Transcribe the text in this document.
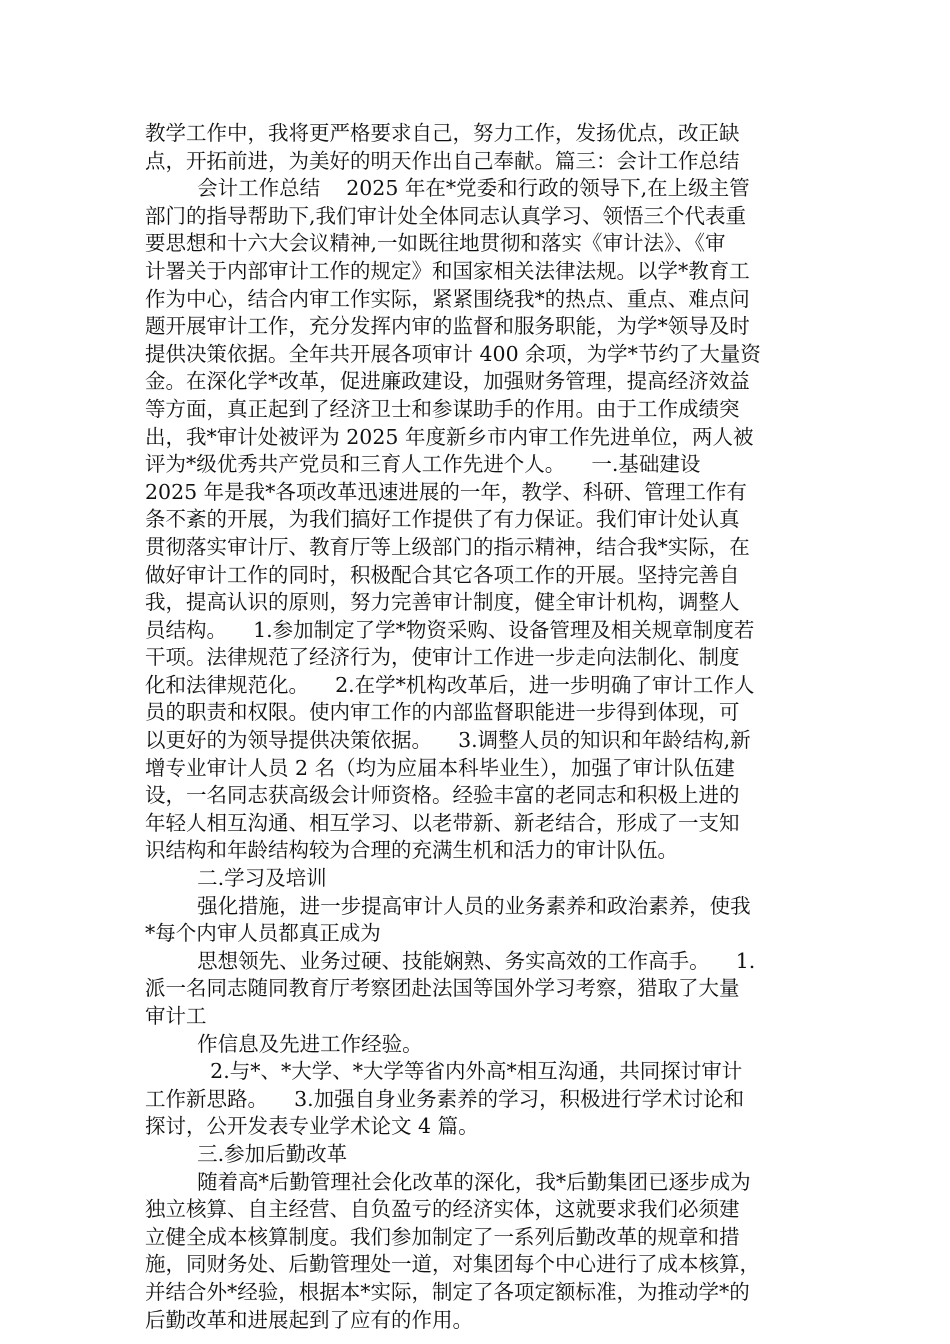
教学工作中，我将更严格要求自己，努力工作，发扬优点，改正缺
点，开拓前进，为美好的明天作出自己奉献。篇三：会计工作总结
会计工作总结    2025 年在*党委和行政的领导下,在上级主管
部门的指导帮助下,我们审计处全体同志认真学习、领悟三个代表重
要思想和十六大会议精神,一如既往地贯彻和落实《审计法》、《审
计署关于内部审计工作的规定》和国家相关法律法规。以学*教育工
作为中心，结合内审工作实际，紧紧围绕我*的热点、重点、难点问
题开展审计工作，充分发挥内审的监督和服务职能，为学*领导及时
提供决策依据。全年共开展各项审计 400 余项，为学*节约了大量资
金。在深化学*改革，促进廉政建设，加强财务管理，提高经济效益
等方面，真正起到了经济卫士和参谋助手的作用。由于工作成绩突
出，我*审计处被评为 2025 年度新乡市内审工作先进单位，两人被
评为*级优秀共产党员和三育人工作先进个人。    一.基础建设
2025 年是我*各项改革迅速进展的一年，教学、科研、管理工作有
条不紊的开展，为我们搞好工作提供了有力保证。我们审计处认真
贯彻落实审计厅、教育厅等上级部门的指示精神，结合我*实际，在
做好审计工作的同时，积极配合其它各项工作的开展。坚持完善自
我，提高认识的原则，努力完善审计制度，健全审计机构，调整人
员结构。    1.参加制定了学*物资采购、设备管理及相关规章制度若
干项。法律规范了经济行为，使审计工作进一步走向法制化、制度
化和法律规范化。    2.在学*机构改革后，进一步明确了审计工作人
员的职责和权限。使内审工作的内部监督职能进一步得到体现，可
以更好的为领导提供决策依据。    3.调整人员的知识和年龄结构,新
增专业审计人员 2 名（均为应届本科毕业生），加强了审计队伍建
设，一名同志获高级会计师资格。经验丰富的老同志和积极上进的
年轻人相互沟通、相互学习、以老带新、新老结合，形成了一支知
识结构和年龄结构较为合理的充满生机和活力的审计队伍。
二.学习及培训
强化措施，进一步提高审计人员的业务素养和政治素养，使我
*每个内审人员都真正成为
思想领先、业务过硬、技能娴熟、务实高效的工作高手。    1.
派一名同志随同教育厅考察团赴法国等国外学习考察，猎取了大量
审计工
作信息及先进工作经验。
2.与*、*大学、*大学等省内外高*相互沟通，共同探讨审计
工作新思路。    3.加强自身业务素养的学习，积极进行学术讨论和
探讨，公开发表专业学术论文 4 篇。
三.参加后勤改革
随着高*后勤管理社会化改革的深化，我*后勤集团已逐步成为
独立核算、自主经营、自负盈亏的经济实体，这就要求我们必须建
立健全成本核算制度。我们参加制定了一系列后勤改革的规章和措
施，同财务处、后勤管理处一道，对集团每个中心进行了成本核算，
并结合外*经验，根据本*实际，制定了各项定额标准，为推动学*的
后勤改革和进展起到了应有的作用。
